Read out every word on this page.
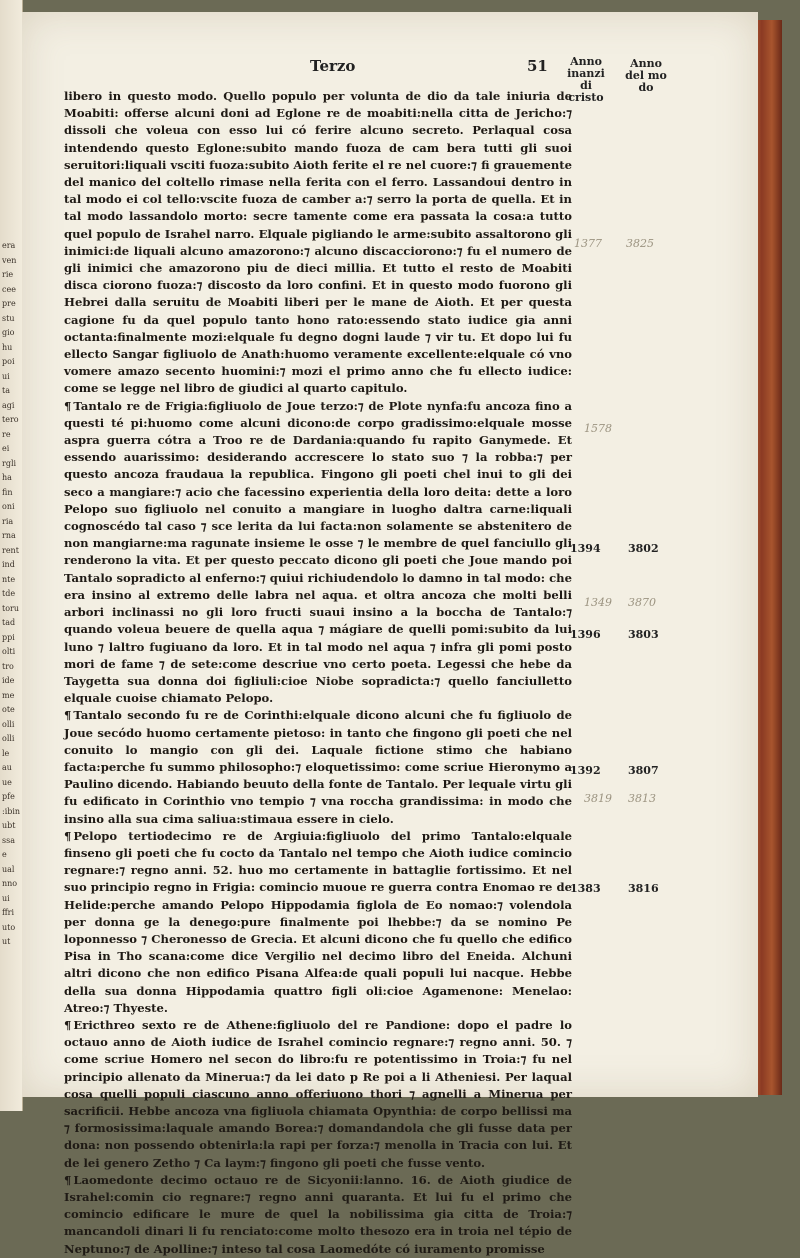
era
ven
rie
cee
pre
stu
gio
hu
poi
ui
ta
agi
tero
re
ei
rgli
ha
fin
oni
ria
rna
rent
ind
nte
tde
toru
tad
ppi
olti
tro
ide
me
ote
olli
olli
le
au
ue
pfe
:ibin
ubt
ssa
e
ual
nno
ui
ffri
uto
ut
Terzo	51	Anno inanzi di cristo
Anno del mo do

libero in questo modo. Quello populo per volunta de dio da tale iniuria de Moabiti: offerse alcuni doni ad Eglone re de moabiti:nella citta de Jericho:⁊ dissoli che voleua con esso lui có ferire alcuno secreto. Perlaqual cosa intendendo questo Eglone:subito mando fuoza de cam bera tutti gli suoi seruitori:liquali vsciti fuoza:subito Aioth ferite el re nel cuore:⁊ fi grauemente del manico del coltello rimase nella ferita con el ferro. Lassandoui dentro in tal modo ei col tello:vscite fuoza de camber a:⁊ serro la porta de quella. Et in tal modo lassandolo morto: secre tamente come era passata la cosa:a tutto quel populo de Israhel narro. Elquale pigliando le arme:subito assaltorono gli inimici:de liquali alcuno amazorono:⁊ alcuno discacciorono:⁊ fu el numero de gli inimici che amazorono piu de dieci millia. Et tutto el resto de Moabiti disca ciorono fuoza:⁊ discosto da loro confini. Et in questo modo fuorono gli Hebrei dalla seruitu de Moabiti liberi per le mane de Aioth. Et per questa cagione fu da quel populo tanto hono rato:essendo stato iudice gia anni octanta:finalmente mozi:elquale fu degno dogni laude ⁊ vir tu. Et dopo lui fu ellecto Sangar figliuolo de Anath:huomo veramente excellente:elquale có vno vomere amazo secento huomini:⁊ mozi el primo anno che fu ellecto iudice: come se legge nel libro de giudici al quarto capitulo.

¶ Tantalo re de Frigia:figliuolo de Joue terzo:⁊ de Plote nynfa:fu ancoza fino a questi té pi:huomo come alcuni dicono:de corpo gradissimo:elquale mosse aspra guerra cótra a Troo re de Dardania:quando fu rapito Ganymede. Et essendo auarissimo: desiderando accrescere lo stato suo ⁊ la robba:⁊ per questo ancoza fraudaua la republica. Fingono gli poeti chel inui to gli dei seco a mangiare:⁊ acio che facessino experientia della loro deita: dette a loro Pelopo suo figliuolo nel conuito a mangiare in luogho daltra carne:liquali cognoscédo tal caso ⁊ sce lerita da lui facta:non solamente se abstenitero de non mangiarne:ma ragunate insieme le osse ⁊ le membre de quel fanciullo gli renderono la vita. Et per questo peccato dicono gli poeti che Joue mando poi Tantalo sopradicto al enferno:⁊ quiui richiudendolo lo damno in tal modo: che era insino al extremo delle labra nel aqua. et oltra ancoza che molti belli arbori inclinassi no gli loro fructi suaui insino a la boccha de Tantalo:⁊ quando voleua beuere de quella aqua ⁊ mágiare de quelli pomi:subito da lui luno ⁊ laltro fugiuano da loro. Et in tal modo nel aqua ⁊ infra gli pomi posto mori de fame ⁊ de sete:come descriue vno certo poeta. Legessi che hebe da Taygetta sua donna doi figliuli:cioe Niobe sopradicta:⁊ quello fanciulletto elquale cuoise chiamato Pelopo.

¶ Tantalo secondo fu re de Corinthi:elquale dicono alcuni che fu figliuolo de Joue secódo huomo certamente pietoso: in tanto che fingono gli poeti che nel conuito lo mangio con gli dei. Laquale fictione stimo che habiano facta:perche fu summo philosopho:⁊ eloquetissimo: come scriue Hieronymo a Paulino dicendo. Habiando beuuto della fonte de Tantalo. Per lequale virtu gli fu edificato in Corinthio vno tempio ⁊ vna roccha grandissima: in modo che insino alla sua cima saliua:stimaua essere in cielo.

¶ Pelopo tertiodecimo re de Argiuia:figliuolo del primo Tantalo:elquale finseno gli poeti che fu cocto da Tantalo nel tempo che Aioth iudice comincio regnare:⁊ regno anni. 52. huo mo certamente in battaglie fortissimo. Et nel suo principio regno in Frigia: comincio muoue re guerra contra Enomao re de Helide:perche amando Pelopo Hippodamia figlola de Eo nomao:⁊ volendola per donna ge la denego:pure finalmente poi lhebbe:⁊ da se nomino Pe loponnesso ⁊ Cheronesso de Grecia. Et alcuni dicono che fu quello che edifico Pisa in Tho scana:come dice Vergilio nel decimo libro del Eneida. Alchuni altri dicono che non edifico Pisana Alfea:de quali populi lui nacque. Hebbe della sua donna Hippodamia quattro figli oli:cioe Agamenone: Menelao: Atreo:⁊ Thyeste.

¶ Ericthreo sexto re de Athene:figliuolo del re Pandione: dopo el padre lo octauo anno de Aioth iudice de Israhel comincio regnare:⁊ regno anni. 50. ⁊ come scriue Homero nel secon do libro:fu re potentissimo in Troia:⁊ fu nel principio allenato da Minerua:⁊ da lei dato p Re poi a li Atheniesi. Per laqual cosa quelli populi ciascuno anno offeriuono thori ⁊ agnelli a Minerua per sacrificii. Hebbe ancoza vna figliuola chiamata Opynthia: de corpo bellissi ma ⁊ formosissima:laquale amando Borea:⁊ domandandola che gli fusse data per dona: non possendo obtenirla:la rapi per forza:⁊ menolla in Tracia con lui. Et de lei genero Zetho ⁊ Ca laym:⁊ fingono gli poeti che fusse vento.

¶ Laomedonte decimo octauo re de Sicyonii:lanno. 16. de Aioth giudice de Israhel:comin cio regnare:⁊ regno anni quaranta. Et lui fu el primo che comincio edificare le mure de quel la nobilissima gia citta de Troia:⁊ mancandoli dinari li fu renciato:come molto thesozo era in troia nel tépio de Neptuno:⁊ de Apolline:⁊ inteso tal cosa Laomedóte có iuramento promisse

1394 3802
1396 3803
1392 3807
1383 3816
1377 3825
3870
1349
3813
3819
1578
